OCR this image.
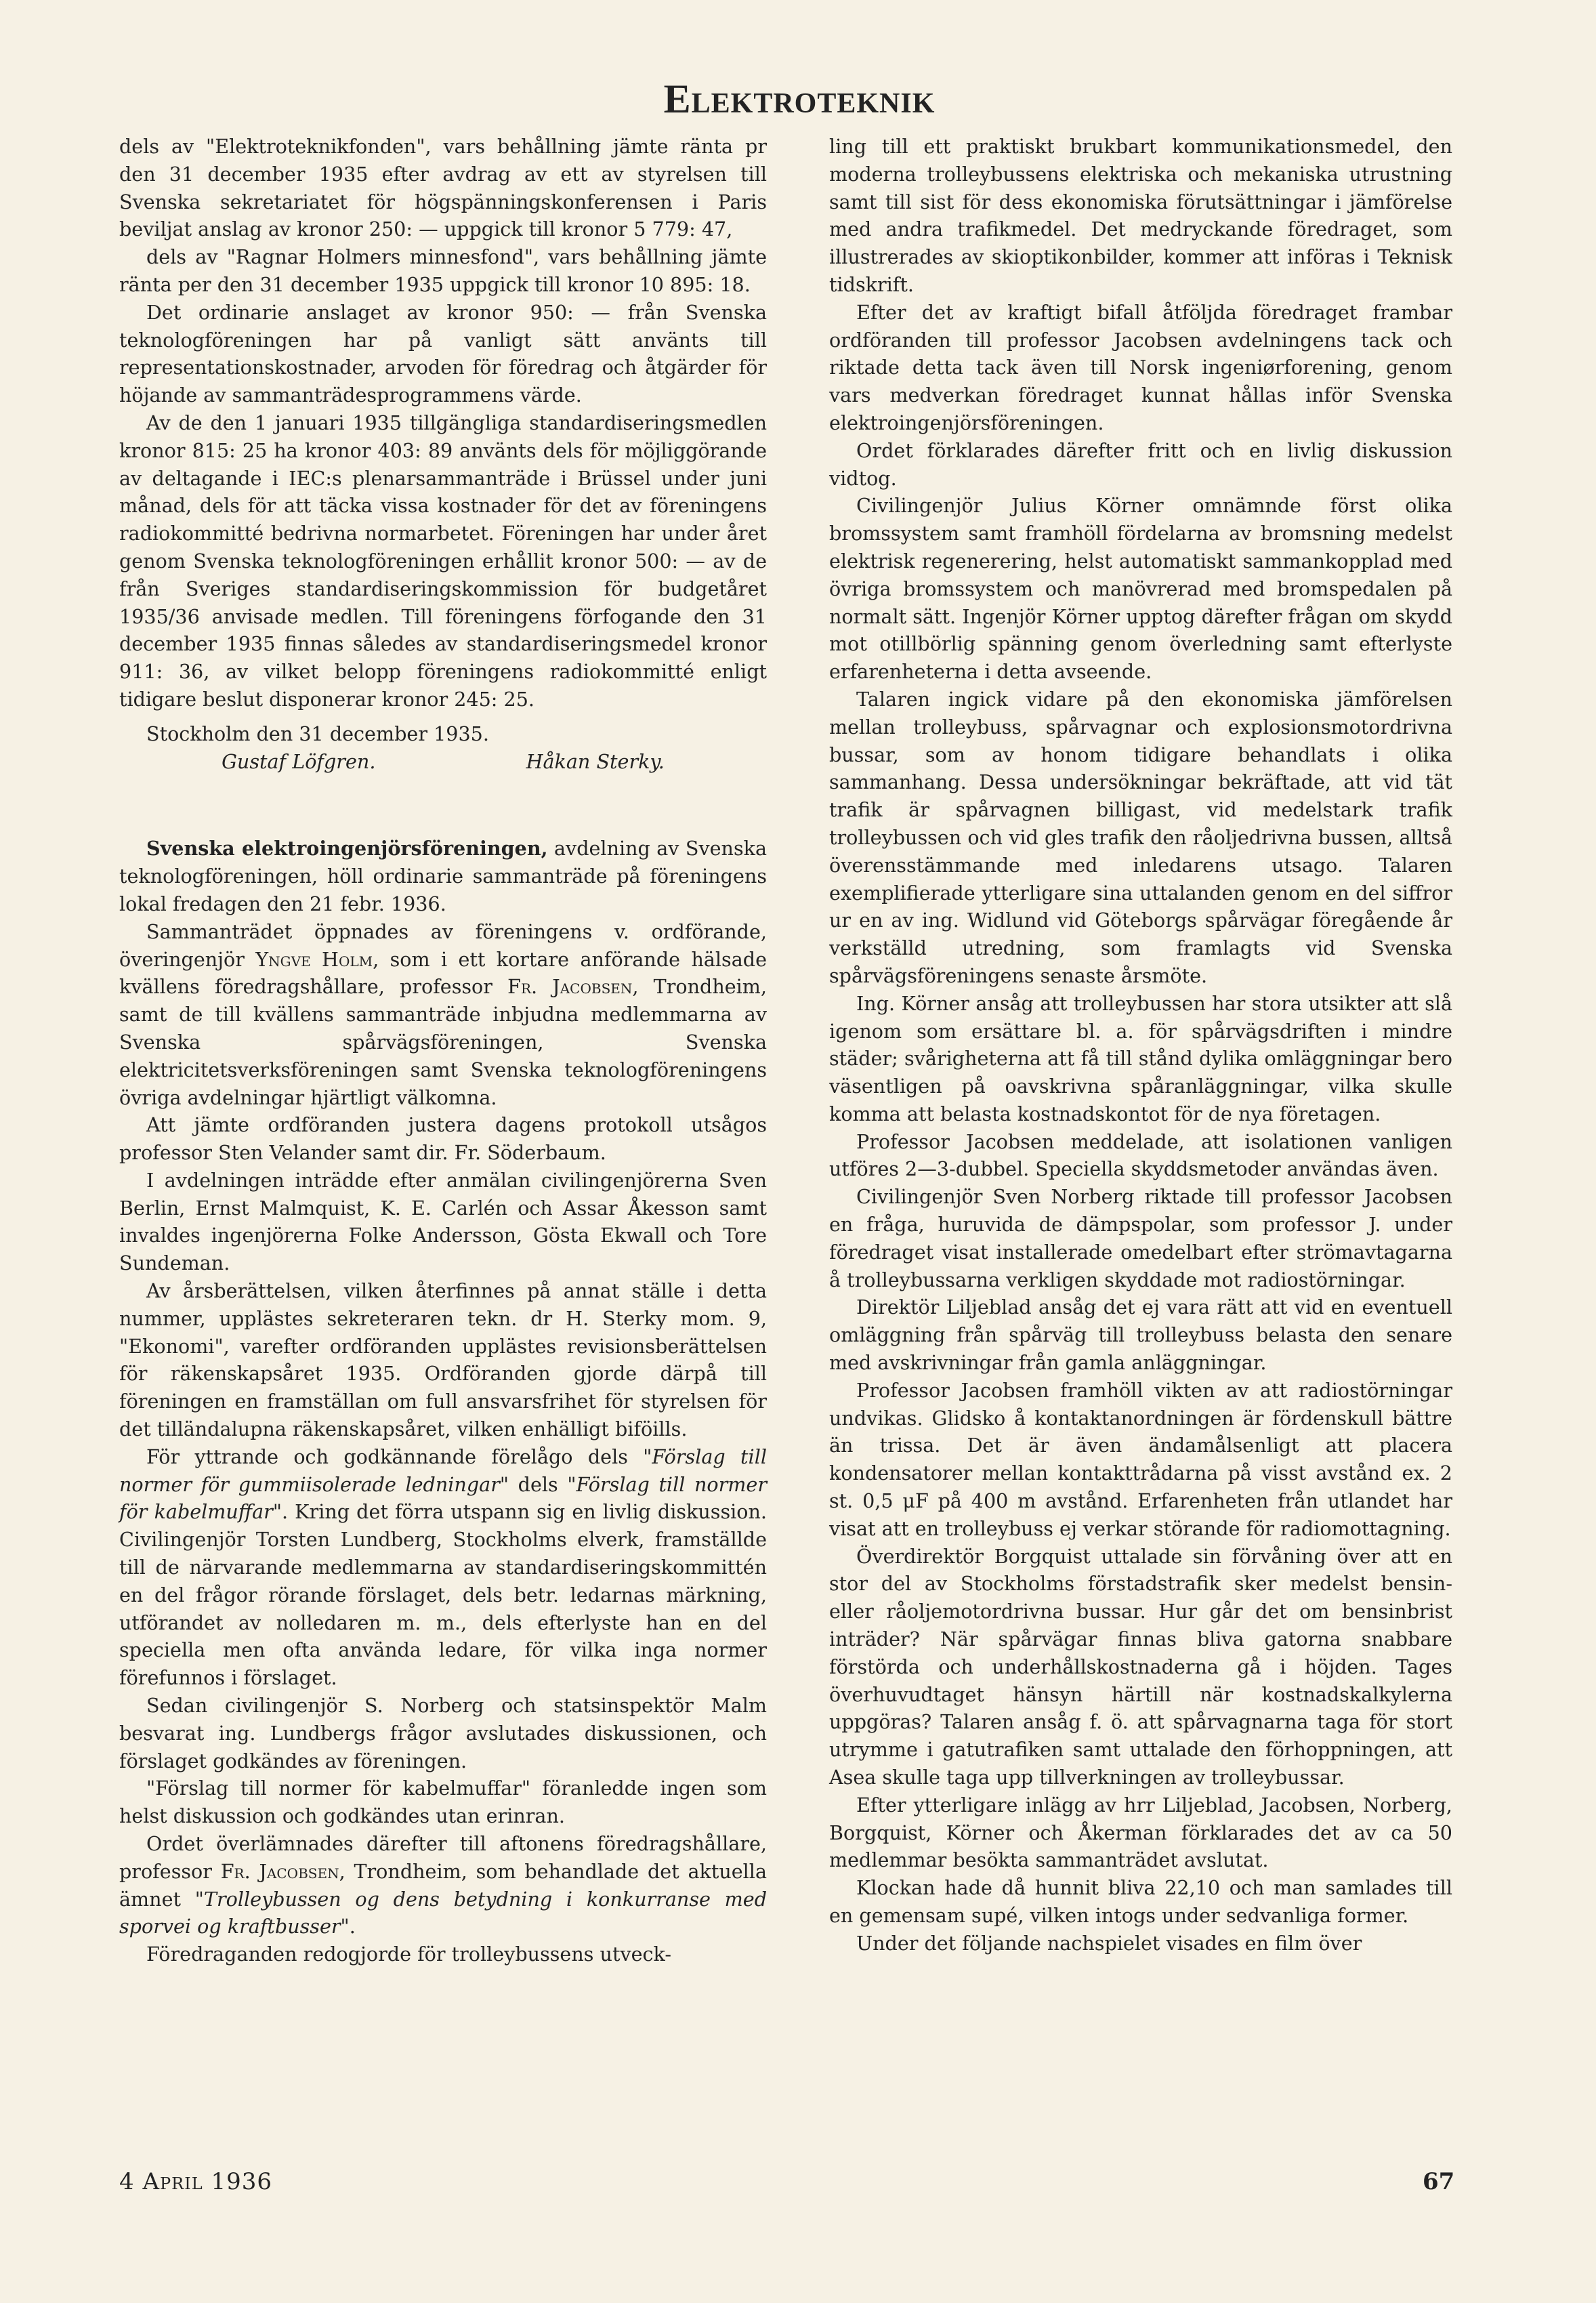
Elektroteknik

dels av "Elektroteknikfonden", vars behållning jämte ränta pr den 31 december 1935 efter avdrag av ett av styrelsen till Svenska sekretariatet för högspänningskonferensen i Paris beviljat anslag av kronor 250: — uppgick till kronor 5 779: 47,

dels av "Ragnar Holmers minnesfond", vars behållning jämte ränta per den 31 december 1935 uppgick till kronor 10 895: 18.

Det ordinarie anslaget av kronor 950: — från Svenska teknologföreningen har på vanligt sätt använts till representationskostnader, arvoden för föredrag och åtgärder för höjande av sammanträdesprogrammens värde.

Av de den 1 januari 1935 tillgängliga standardiseringsmedlen kronor 815: 25 ha kronor 403: 89 använts dels för möjliggörande av deltagande i IEC:s plenarsammanträde i Brüssel under juni månad, dels för att täcka vissa kostnader för det av föreningens radiokommitté bedrivna normarbetet. Föreningen har under året genom Svenska teknologföreningen erhållit kronor 500: — av de från Sveriges standardiseringskommission för budgetåret 1935/36 anvisade medlen. Till föreningens förfogande den 31 december 1935 finnas således av standardiseringsmedel kronor 911: 36, av vilket belopp föreningens radiokommitté enligt tidigare beslut disponerar kronor 245: 25.

Stockholm den 31 december 1935.

Gustaf Löfgren.	Håkan Sterky.

Svenska elektroingenjörsföreningen, avdelning av Svenska teknologföreningen, höll ordinarie sammanträde på föreningens lokal fredagen den 21 febr. 1936.

Sammanträdet öppnades av föreningens v. ordförande, överingenjör Yngve Holm, som i ett kortare anförande hälsade kvällens föredragshållare, professor Fr. Jacobsen, Trondheim, samt de till kvällens sammanträde inbjudna medlemmarna av Svenska spårvägsföreningen, Svenska elektricitetsverksföreningen samt Svenska teknologföreningens övriga avdelningar hjärtligt välkomna.

Att jämte ordföranden justera dagens protokoll utsågos professor Sten Velander samt dir. Fr. Söderbaum.

I avdelningen inträdde efter anmälan civilingenjörerna Sven Berlin, Ernst Malmquist, K. E. Carlén och Assar Åkesson samt invaldes ingenjörerna Folke Andersson, Gösta Ekwall och Tore Sundeman.

Av årsberättelsen, vilken återfinnes på annat ställe i detta nummer, upplästes sekreteraren tekn. dr H. Sterky mom. 9, "Ekonomi", varefter ordföranden upplästes revisionsberättelsen för räkenskapsåret 1935. Ordföranden gjorde därpå till föreningen en framställan om full ansvarsfrihet för styrelsen för det tilländalupna räkenskapsåret, vilken enhälligt biföills.

För yttrande och godkännande förelågo dels "Förslag till normer för gummiisolerade ledningar" dels "Förslag till normer för kabelmuffar". Kring det förra utspann sig en livlig diskussion. Civilingenjör Torsten Lundberg, Stockholms elverk, framställde till de närvarande medlemmarna av standardiseringskommittén en del frågor rörande förslaget, dels betr. ledarnas märkning, utförandet av nolledaren m. m., dels efterlyste han en del speciella men ofta använda ledare, för vilka inga normer förefunnos i förslaget.

Sedan civilingenjör S. Norberg och statsinspektör Malm besvarat ing. Lundbergs frågor avslutades diskussionen, och förslaget godkändes av föreningen.

"Förslag till normer för kabelmuffar" föranledde ingen som helst diskussion och godkändes utan erinran.

Ordet överlämnades därefter till aftonens föredragshållare, professor Fr. Jacobsen, Trondheim, som behandlade det aktuella ämnet "Trolleybussen og dens betydning i konkurranse med sporvei og kraftbusser".

Föredraganden redogjorde för trolleybussens utveck-

ling till ett praktiskt brukbart kommunikationsmedel, den moderna trolleybussens elektriska och mekaniska utrustning samt till sist för dess ekonomiska förutsättningar i jämförelse med andra trafikmedel. Det medryckande föredraget, som illustrerades av skioptikonbilder, kommer att införas i Teknisk tidskrift.

Efter det av kraftigt bifall åtföljda föredraget frambar ordföranden till professor Jacobsen avdelningens tack och riktade detta tack även till Norsk ingeniørforening, genom vars medverkan föredraget kunnat hållas inför Svenska elektroingenjörsföreningen.

Ordet förklarades därefter fritt och en livlig diskussion vidtog.

Civilingenjör Julius Körner omnämnde först olika bromssystem samt framhöll fördelarna av bromsning medelst elektrisk regenerering, helst automatiskt sammankopplad med övriga bromssystem och manövrerad med bromspedalen på normalt sätt. Ingenjör Körner upptog därefter frågan om skydd mot otillbörlig spänning genom överledning samt efterlyste erfarenheterna i detta avseende.

Talaren ingick vidare på den ekonomiska jämförelsen mellan trolleybuss, spårvagnar och explosionsmotordrivna bussar, som av honom tidigare behandlats i olika sammanhang. Dessa undersökningar bekräftade, att vid tät trafik är spårvagnen billigast, vid medelstark trafik trolleybussen och vid gles trafik den råoljedrivna bussen, alltså överensstämmande med inledarens utsago. Talaren exemplifierade ytterligare sina uttalanden genom en del siffror ur en av ing. Widlund vid Göteborgs spårvägar föregående år verkställd utredning, som framlagts vid Svenska spårvägsföreningens senaste årsmöte.

Ing. Körner ansåg att trolleybussen har stora utsikter att slå igenom som ersättare bl. a. för spårvägsdriften i mindre städer; svårigheterna att få till stånd dylika omläggningar bero väsentligen på oavskrivna spåranläggningar, vilka skulle komma att belasta kostnadskontot för de nya företagen.

Professor Jacobsen meddelade, att isolationen vanligen utföres 2—3-dubbel. Speciella skyddsmetoder användas även.

Civilingenjör Sven Norberg riktade till professor Jacobsen en fråga, huruvida de dämpspolar, som professor J. under föredraget visat installerade omedelbart efter strömavtagarna å trolleybussarna verkligen skyddade mot radiostörningar.

Direktör Liljeblad ansåg det ej vara rätt att vid en eventuell omläggning från spårväg till trolleybuss belasta den senare med avskrivningar från gamla anläggningar.

Professor Jacobsen framhöll vikten av att radiostörningar undvikas. Glidsko å kontaktanordningen är fördenskull bättre än trissa. Det är även ändamålsenligt att placera kondensatorer mellan kontakttrådarna på visst avstånd ex. 2 st. 0,5 μF på 400 m avstånd. Erfarenheten från utlandet har visat att en trolleybuss ej verkar störande för radiomottagning.

Överdirektör Borgquist uttalade sin förvåning över att en stor del av Stockholms förstadstrafik sker medelst bensin- eller råoljemotordrivna bussar. Hur går det om bensinbrist inträder? När spårvägar finnas bliva gatorna snabbare förstörda och underhållskostnaderna gå i höjden. Tages överhuvudtaget hänsyn härtill när kostnadskalkylerna uppgöras? Talaren ansåg f. ö. att spårvagnarna taga för stort utrymme i gatutrafiken samt uttalade den förhoppningen, att Asea skulle taga upp tillverkningen av trolleybussar.

Efter ytterligare inlägg av hrr Liljeblad, Jacobsen, Norberg, Borgquist, Körner och Åkerman förklarades det av ca 50 medlemmar besökta sammanträdet avslutat.

Klockan hade då hunnit bliva 22,10 och man samlades till en gemensam supé, vilken intogs under sedvanliga former.

Under det följande nachspielet visades en film över

4 April 1936	67
